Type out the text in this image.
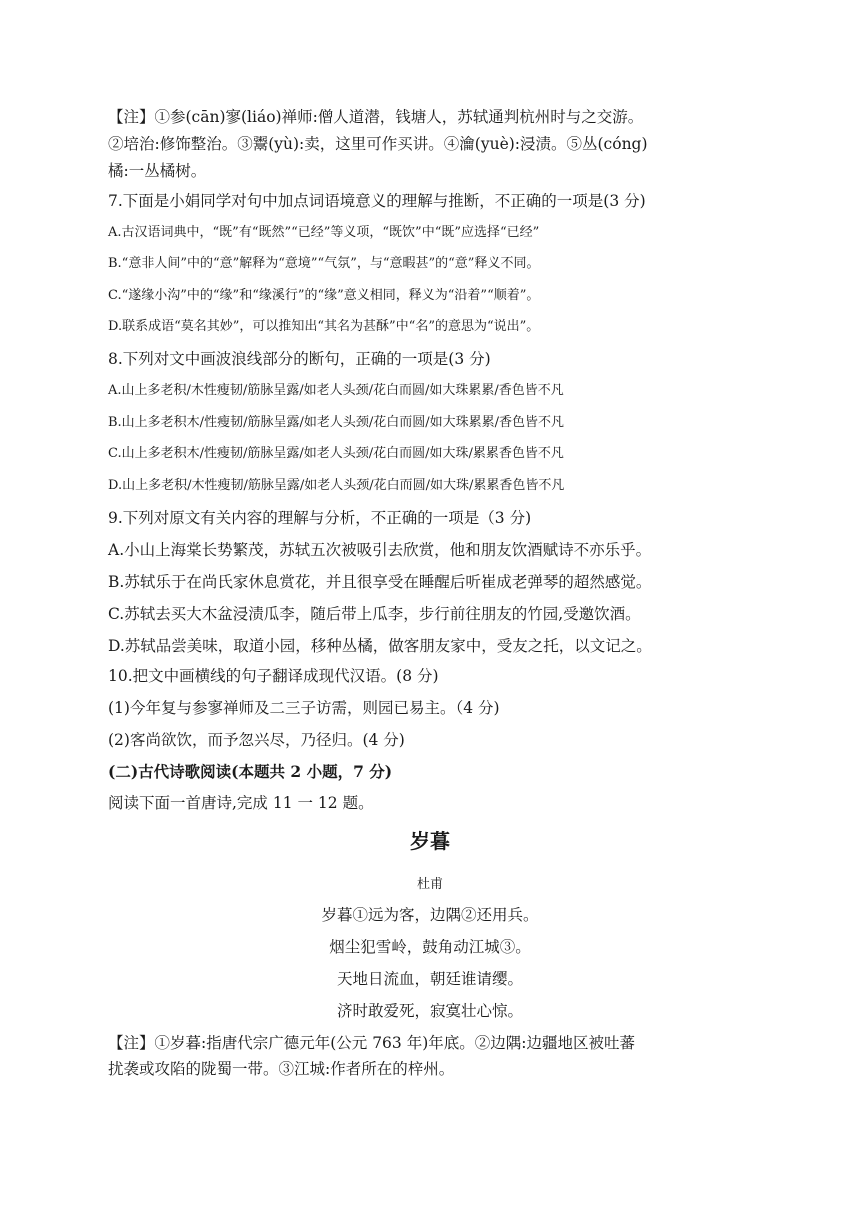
【注】①参(cān)寥(liáo)禅师:僧人道潜，钱塘人，苏轼通判杭州时与之交游。
②培治:修饰整治。③鬻(yù):卖，这里可作买讲。④瀹(yuè):浸渍。⑤丛(cóng)
橘:一丛橘树。
7.下面是小娟同学对句中加点词语境意义的理解与推断，不正确的一项是(3 分)
A.古汉语词典中，“既”有“既然”“已经”等义项，“既饮”中“既”应选择“已经”
B.“意非人间”中的“意”解释为“意境”“气氛”，与“意暇甚”的“意”释义不同。
C.“遂缘小沟”中的“缘”和“缘溪行”的“缘”意义相同，释义为“沿着”“顺着”。
D.联系成语“莫名其妙”，可以推知出“其名为甚酥”中“名”的意思为“说出”。
8.下列对文中画波浪线部分的断句，正确的一项是(3 分)
A.山上多老积/木性瘦韧/筋脉呈露/如老人头颈/花白而圆/如大珠累累/香色皆不凡
B.山上多老积木/性瘦韧/筋脉呈露/如老人头颈/花白而圆/如大珠累累/香色皆不凡
C.山上多老积木/性瘦韧/筋脉呈露/如老人头颈/花白而圆/如大珠/累累香色皆不凡
D.山上多老积/木性瘦韧/筋脉呈露/如老人头颈/花白而圆/如大珠/累累香色皆不凡
9.下列对原文有关内容的理解与分析，不正确的一项是（3 分)
A.小山上海棠长势繁茂，苏轼五次被吸引去欣赏，他和朋友饮酒赋诗不亦乐乎。
B.苏轼乐于在尚氏家休息赏花，并且很享受在睡醒后听崔成老弹琴的超然感觉。
C.苏轼去买大木盆浸渍瓜李，随后带上瓜李，步行前往朋友的竹园,受邀饮酒。
D.苏轼品尝美味，取道小园，移种丛橘，做客朋友家中，受友之托，以文记之。
10.把文中画横线的句子翻译成现代汉语。(8 分)
(1)今年复与参寥禅师及二三子访需，则园已易主。（4 分)
(2)客尚欲饮，而予忽兴尽，乃径归。(4 分)
(二)古代诗歌阅读(本题共 2 小题，7 分)
阅读下面一首唐诗,完成 11 一 12 题。
岁暮
杜甫
岁暮①远为客，边隅②还用兵。
烟尘犯雪岭，鼓角动江城③。
天地日流血，朝廷谁请缨。
济时敢爱死，寂寞壮心惊。
【注】①岁暮:指唐代宗广德元年(公元 763 年)年底。②边隅:边疆地区被吐蕃
扰袭或攻陷的陇蜀一带。③江城:作者所在的梓州。
